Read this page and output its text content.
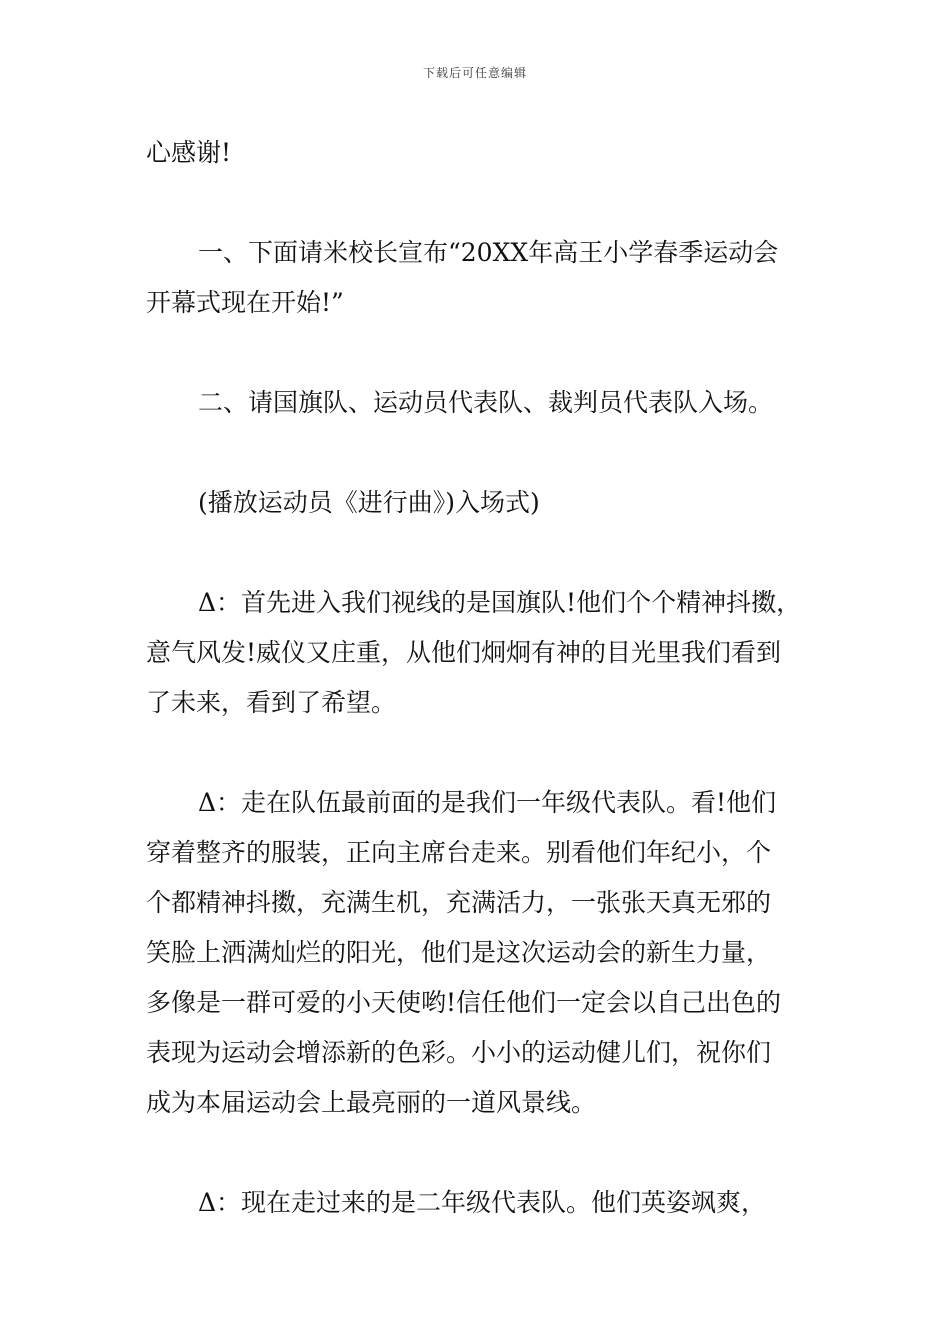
下载后可任意编辑
心感谢!
一、下面请米校长宣布“20XX年高王小学春季运动会
开幕式现在开始!”
二、请国旗队、运动员代表队、裁判员代表队入场。
(播放运动员《进行曲》)入场式)
Δ：首先进入我们视线的是国旗队!他们个个精神抖擞，
意气风发!威仪又庄重，从他们炯炯有神的目光里我们看到
了未来，看到了希望。
Δ：走在队伍最前面的是我们一年级代表队。看!他们
穿着整齐的服装，正向主席台走来。别看他们年纪小，个
个都精神抖擞，充满生机，充满活力，一张张天真无邪的
笑脸上洒满灿烂的阳光，他们是这次运动会的新生力量，
多像是一群可爱的小天使哟!信任他们一定会以自己出色的
表现为运动会增添新的色彩。小小的运动健儿们，祝你们
成为本届运动会上最亮丽的一道风景线。
Δ：现在走过来的是二年级代表队。他们英姿飒爽，
